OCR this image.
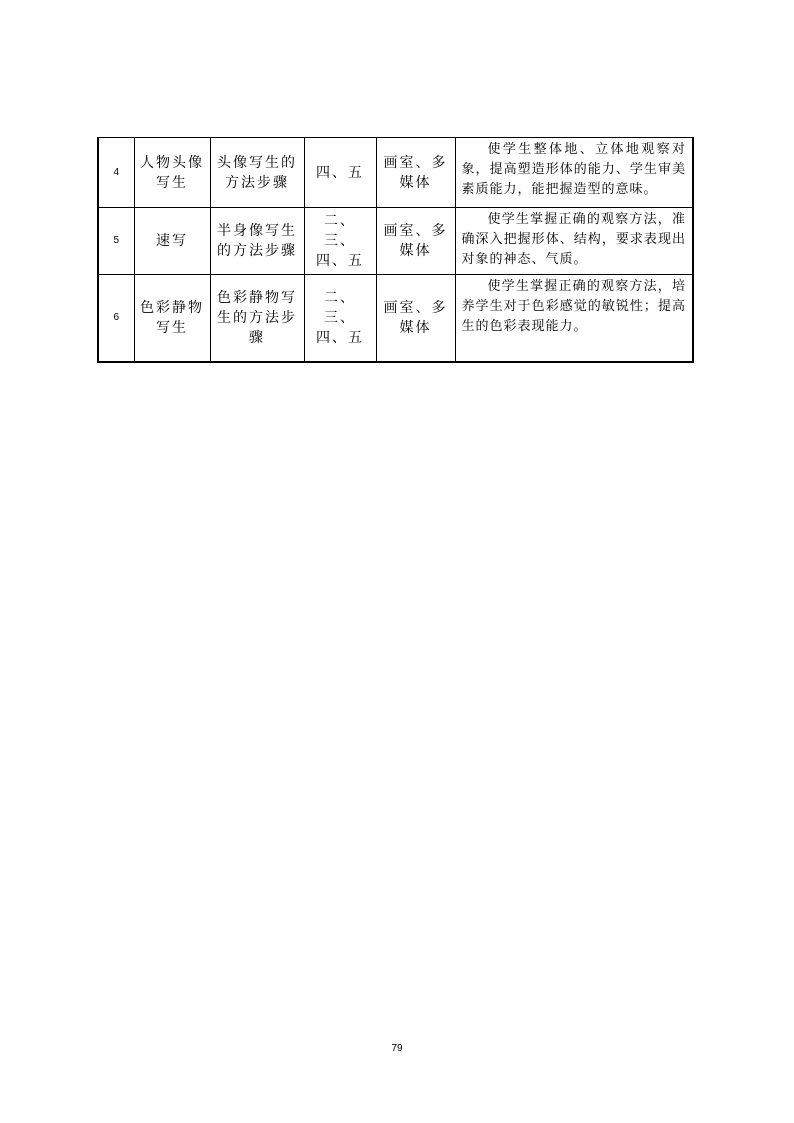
4	人物头像写生	头像写生的方法步骤	四、五	画室、多媒体	使学生整体地、立体地观察对象，提高塑造形体的能力、学生审美素质能力，能把握造型的意味。
5	速写	半身像写生的方法步骤	二、三、四、五	画室、多媒体	使学生掌握正确的观察方法，准确深入把握形体、结构，要求表现出对象的神态、气质。
6	色彩静物写生	色彩静物写生的方法步骤	二、三、四、五	画室、多媒体	使学生掌握正确的观察方法，培养学生对于色彩感觉的敏锐性；提高生的色彩表现能力。
79
